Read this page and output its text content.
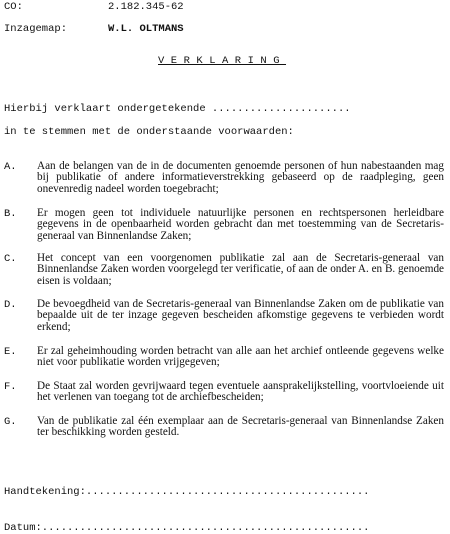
CO:	2.182.345-62
Inzagemap:	W.L. OLTMANS
VERKLARING
Hierbij verklaart ondergetekende ......................
in te stemmen met de onderstaande voorwaarden:
A. Aan de belangen van de in de documenten genoemde personen of hun nabestaanden mag bij publikatie of andere informatieverstrekking gebaseerd op de raadpleging, geen onevenredig nadeel worden toegebracht;
B. Er mogen geen tot individuele natuurlijke personen en rechtspersonen herleidbare gegevens in de openbaarheid worden gebracht dan met toestemming van de Secretaris-generaal van Binnenlandse Zaken;
C. Het concept van een voorgenomen publikatie zal aan de Secretaris-generaal van Binnenlandse Zaken worden voorgelegd ter verificatie, of aan de onder A. en B. genoemde eisen is voldaan;
D. De bevoegdheid van de Secretaris-generaal van Binnenlandse Zaken om de publikatie van bepaalde uit de ter inzage gegeven bescheiden afkomstige gegevens te verbieden wordt erkend;
E. Er zal geheimhouding worden betracht van alle aan het archief ontleende gegevens welke niet voor publikatie worden vrijgegeven;
F. De Staat zal worden gevrijwaard tegen eventuele aansprakelijkstelling, voortvloeiende uit het verlenen van toegang tot de archiefbescheiden;
G. Van de publikatie zal één exemplaar aan de Secretaris-generaal van Binnenlandse Zaken ter beschikking worden gesteld.
Handtekening:.............................................
Datum:....................................................
